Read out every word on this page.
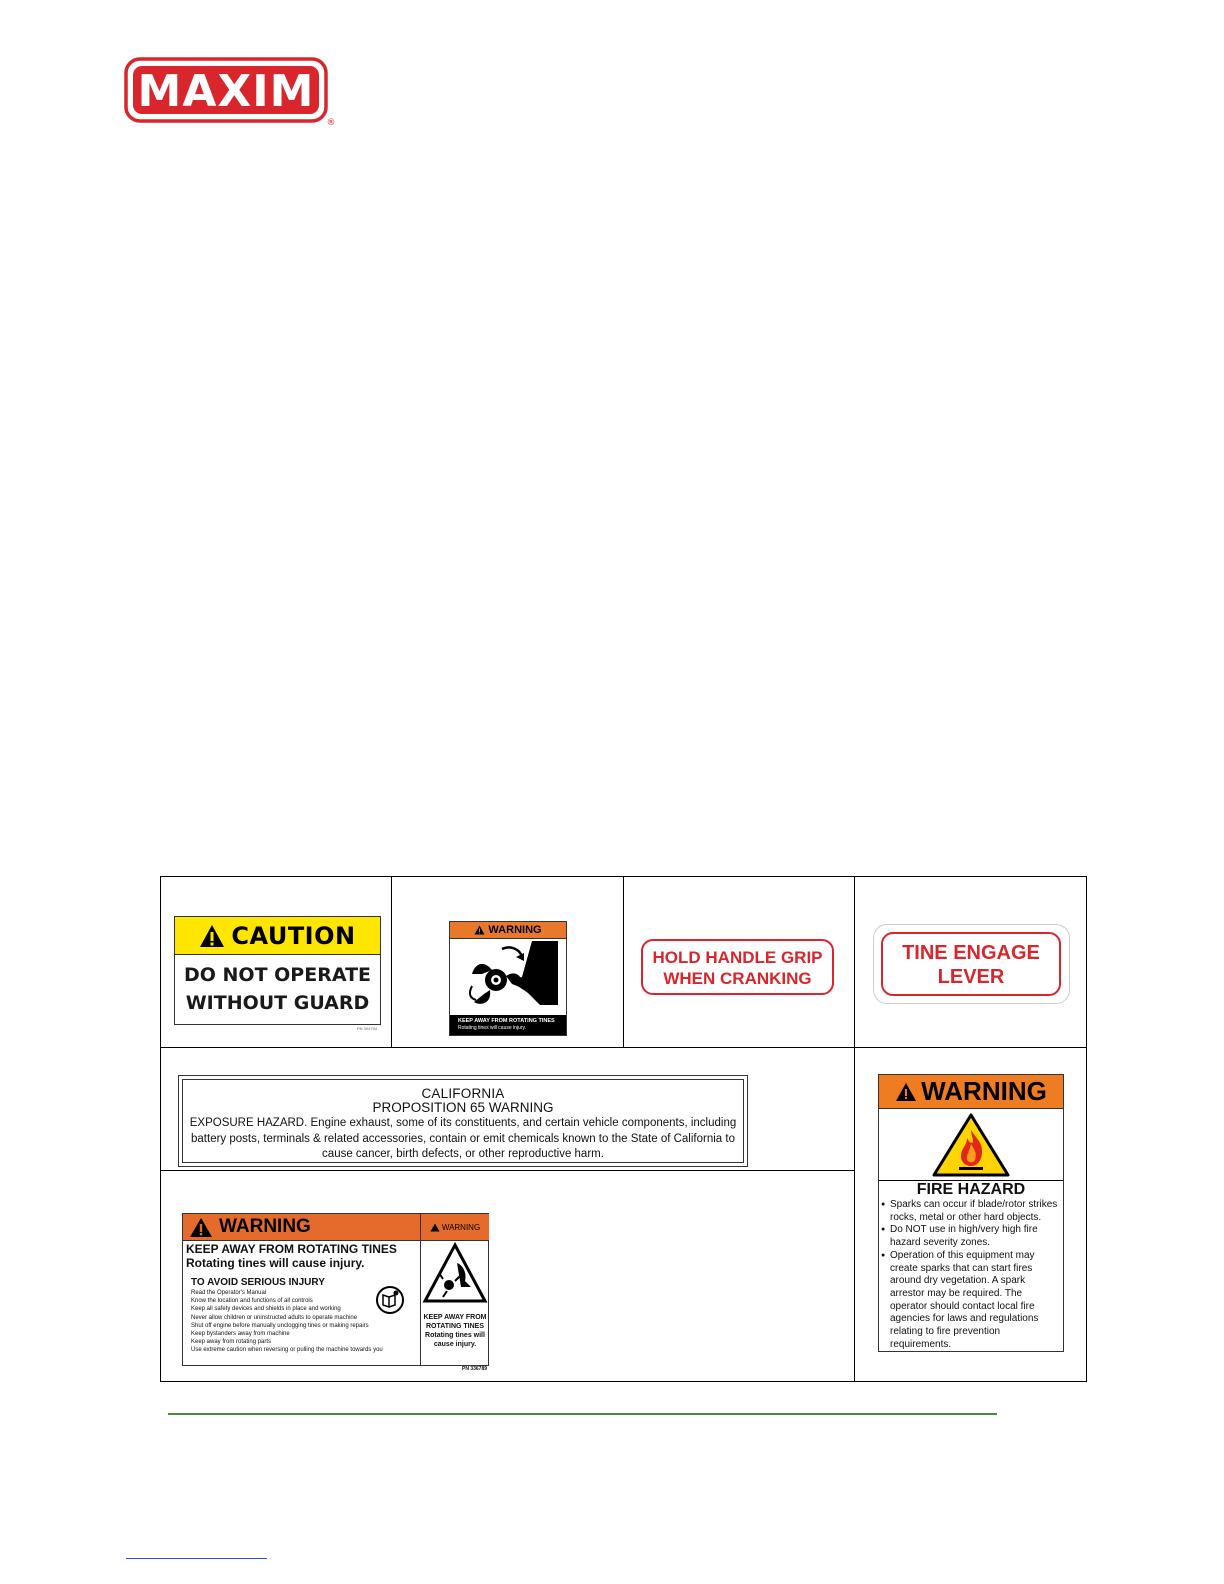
MAXIM
®
CAUTION
DO NOT OPERATE
WITHOUT GUARD
PN 304754
WARNING
KEEP AWAY FROM ROTATING TINES
Rotating tines will cause injury.
HOLD HANDLE GRIP
WHEN CRANKING
TINE ENGAGE
LEVER
CALIFORNIA
PROPOSITION 65 WARNING
EXPOSURE HAZARD. Engine exhaust, some of its constituents, and certain vehicle components, including battery posts, terminals & related accessories, contain or emit chemicals known to the State of California to cause cancer, birth defects, or other reproductive harm.
WARNING
KEEP AWAY FROM ROTATING TINES
Rotating tines will cause injury.
TO AVOID SERIOUS INJURY
Read the Operator's Manual
Know the location and functions of all controls
Keep all safety devices and shields in place and working
Never allow children or uninstructed adults to operate machine
Shut off engine before manually unclogging tines or making repairs
Keep bystanders away from machine
Keep away from rotating parts
Use extreme caution when reversing or pulling the machine towards you
WARNING
KEEP AWAY FROM ROTATING TINES Rotating tines will cause injury.
PN 336789
WARNING
FIRE HAZARD
● Sparks can occur if blade/rotor strikes rocks, metal or other hard objects.
● Do NOT use in high/very high fire hazard severity zones.
● Operation of this equipment may create sparks that can start fires around dry vegetation. A spark arrestor may be required. The operator should contact local fire agencies for laws and regulations relating to fire prevention requirements.
